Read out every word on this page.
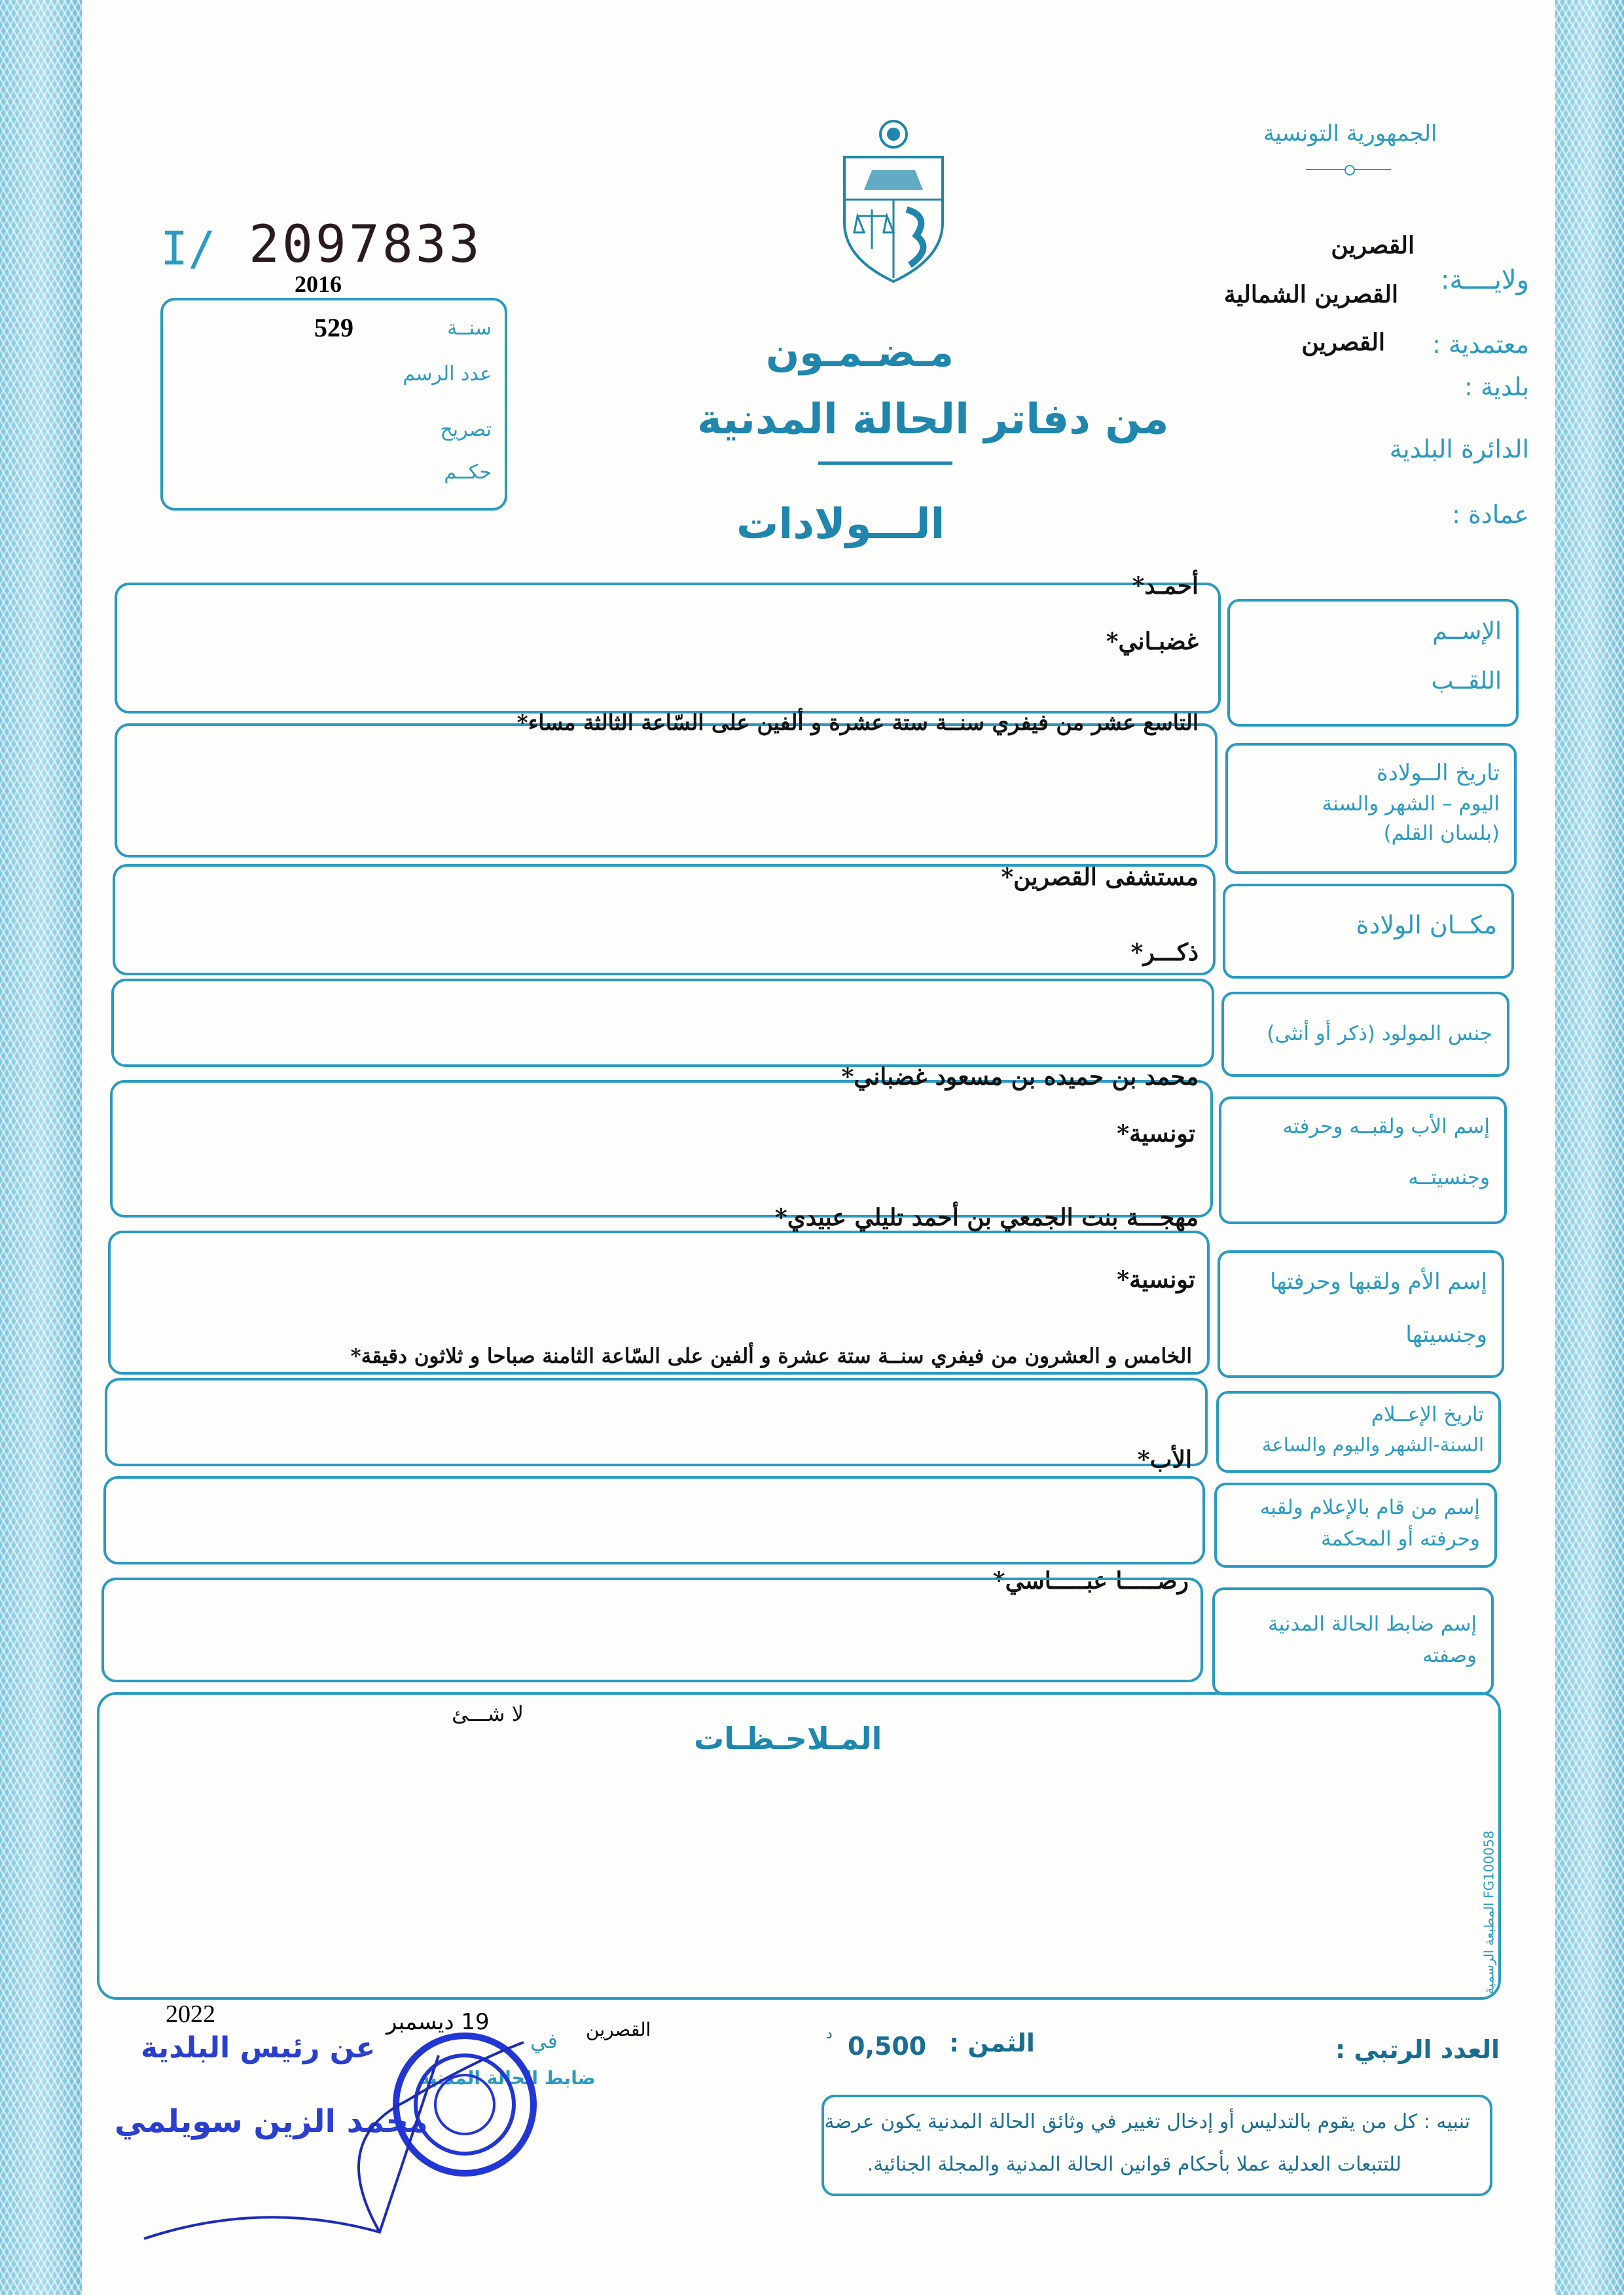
الجمهورية التونسية
القصرين
ولايــــة:
القصرين الشمالية
معتمدية :
القصرين
بلدية :
الدائرة البلدية
عمادة :
I/ 2097833
2016
529	سنــة
عدد الرسم
تصريح
حكــم
مـضـمـون
من دفاتر الحالة المدنية
الـــولادات
الإســم
اللقــب
أحمـد*
غضبـاني*
تاريخ الــولادة
اليوم – الشهر والسنة
(بلسان القلم)
التاسع عشر من فيفري سنــة ستة عشرة و ألفين على السّاعة الثالثة مساء*
مكــان الولادة
مستشفى القصرين*
جنس المولود (ذكر أو أنثى)
ذكـــر*
إسم الأب ولقبــه وحرفته
وجنسيتــه
محمد بن حميده بن مسعود غضباني*
تونسية*
إسم الأم ولقبها وحرفتها
وجنسيتها
مهجـــة بنت الجمعي بن أحمد تليلي عبيدي*
تونسية*
الخامس و العشرون من فيفري سنــة ستة عشرة و ألفين على السّاعة الثامنة صباحا و ثلاثون دقيقة*
تاريخ الإعــلام
السنة-الشهر واليوم والساعة
الأب*
إسم من قام بالإعلام ولقبه
وحرفته أو المحكمة
رضـــــا عبـــــاسي*
إسم ضابط الحالة المدنية
وصفته
المـلاحـظـات
لا شـــئ
المطبعة الرسمية FG100058
العدد الرتبي :
الثمن :
0,500
د
القصرين
في
19 ديسمبر
2022
تنبيه : كل من يقوم بالتدليس أو إدخال تغيير في وثائق الحالة المدنية يكون عرضة
للتتبعات العدلية عملا بأحكام قوانين الحالة المدنية والمجلة الجنائية.
عن رئيس البلدية
ضابط الحالة المدنية
محمد الزين سويلمي
